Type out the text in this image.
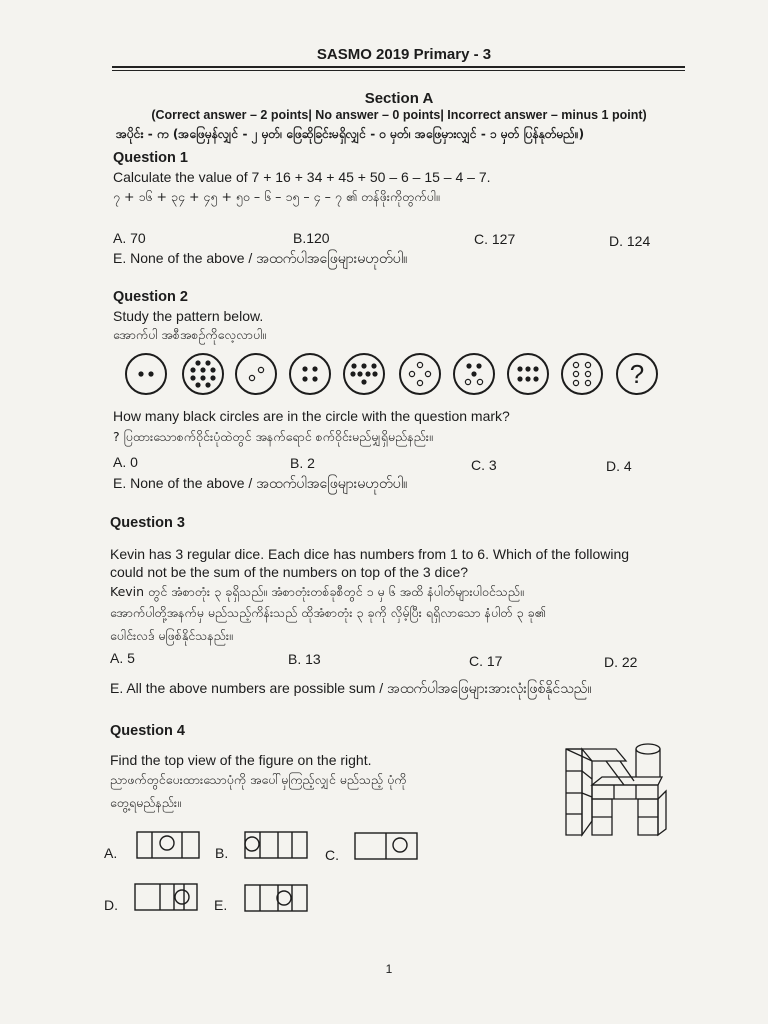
SASMO 2019 Primary - 3
Section A
(Correct answer – 2 points| No answer – 0 points| Incorrect answer – minus 1 point)
အပိုင်း - က (အဖြေမှန်လျှင် - ၂ မှတ်၊ ဖြေဆိုခြင်းမရှိလျှင် - ၀ မှတ်၊ အဖြေမှားလျှင် - ၁ မှတ် ပြန်နုတ်မည်။)
Question 1
Calculate the value of 7 + 16 + 34 + 45 + 50 – 6 – 15 – 4 – 7.
၇ + ၁၆ + ၃၄ + ၄၅ + ၅၀ – ၆ – ၁၅ – ၄ – ၇ ၏ တန်ဖိုးကိုတွက်ပါ။
A. 70	B.120	C. 127	D. 124
E. None of the above / အထက်ပါအဖြေများမဟုတ်ပါ။
Question 2
Study the pattern below.
အောက်ပါ အစီအစဉ်ကိုလေ့လာပါ။
?
How many black circles are in the circle with the question mark?
? ပြထားသောစက်ဝိုင်းပုံထဲတွင် အနက်ရောင် စက်ဝိုင်းမည်မျှရှိမည်နည်း။
A. 0	B. 2	C. 3	D. 4
E. None of the above / အထက်ပါအဖြေများမဟုတ်ပါ။
Question 3
Kevin has 3 regular dice. Each dice has numbers from 1 to 6. Which of the following
could not be the sum of the numbers on top of the 3 dice?
Kevin တွင် အံစာတုံး ၃ ခုရှိသည်။ အံစာတုံးတစ်ခုစီတွင် ၁ မှ ၆ အထိ နံပါတ်များပါဝင်သည်။
အောက်ပါတို့အနက်မှ မည်သည့်ကိန်းသည် ထိုအံစာတုံး ၃ ခုကို လှိမ့်ပြီး ရရှိလာသော နံပါတ် ၃ ခု၏
ပေါင်းလဒ် မဖြစ်နိုင်သနည်း။
A. 5	B. 13	C. 17	D. 22
E. All the above numbers are possible sum / အထက်ပါအဖြေများအားလုံးဖြစ်နိုင်သည်။
Question 4
Find the top view of the figure on the right.
ညာဖက်တွင်ပေးထားသောပုံကို အပေါ်မှကြည့်လျှင် မည်သည့် ပုံကို
တွေ့ရမည်နည်း။
A.	B.	C.
D.	E.
1
